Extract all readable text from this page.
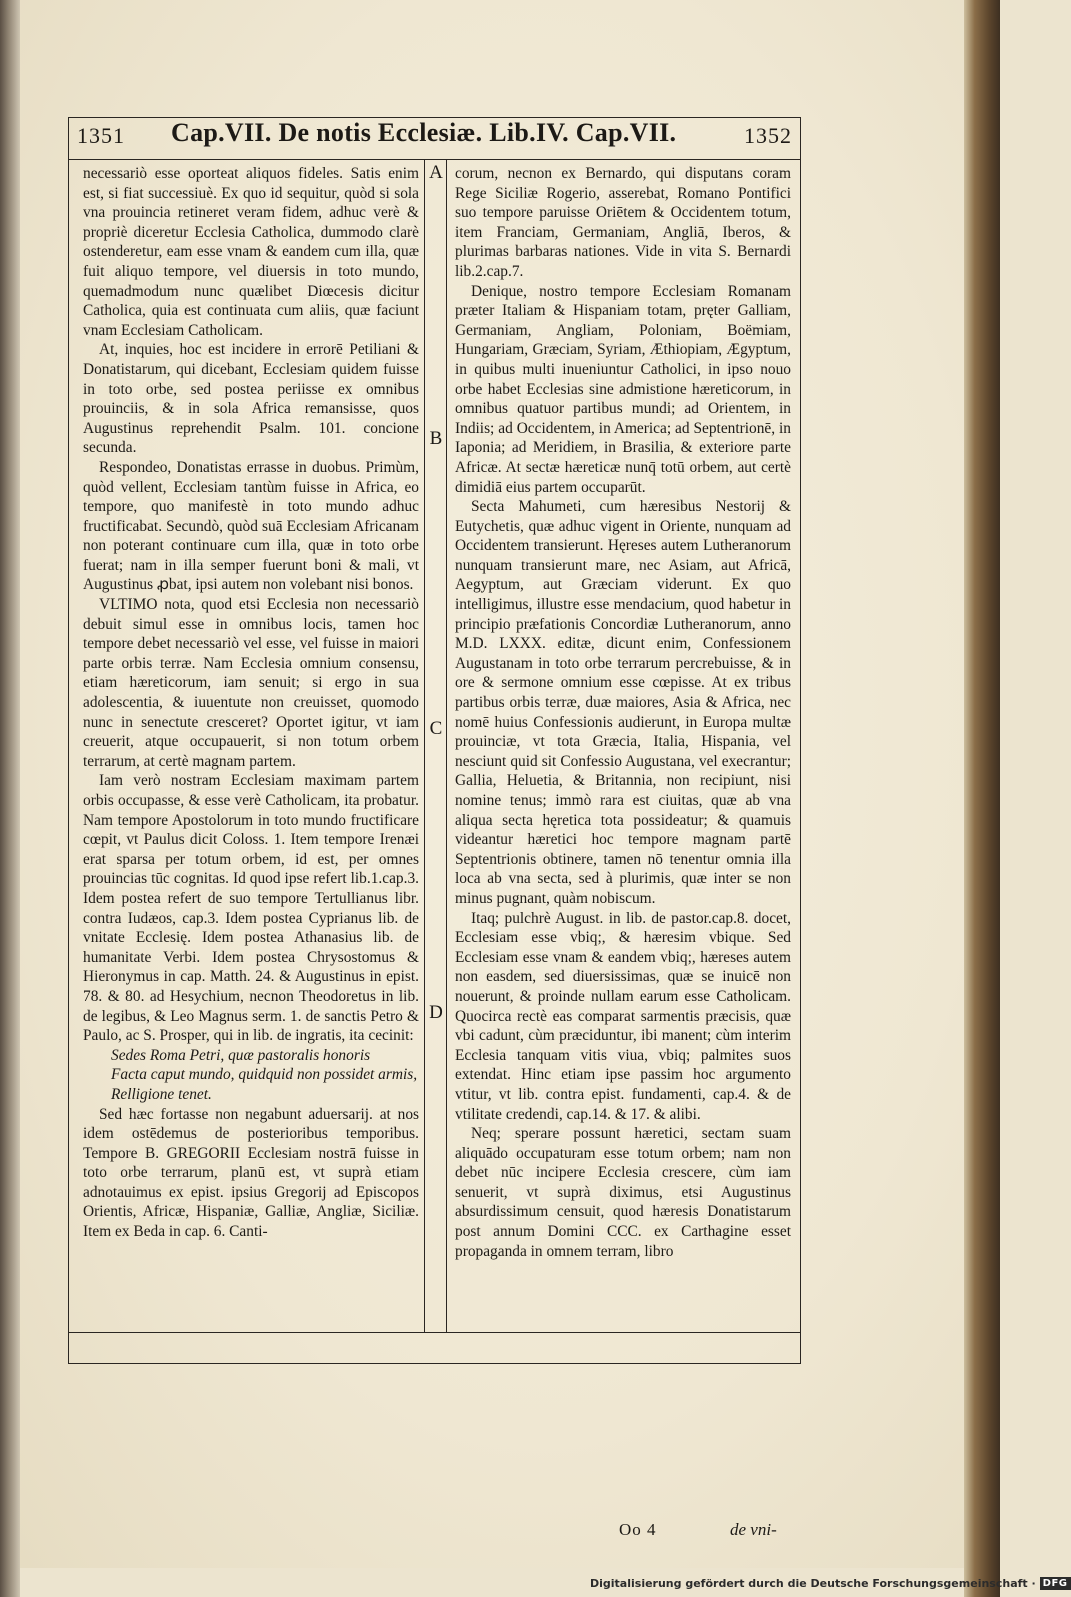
1351 Cap.VII. De notis Ecclesiæ. Lib.IV. Cap.VII.	1352
A
B
C
D

necessariò esse oporteat aliquos fideles. Satis enim est, si fiat successiuè. Ex quo id sequitur, quòd si sola vna prouincia retineret veram fidem, adhuc verè & propriè diceretur Ecclesia Catholica, dummodo clarè ostenderetur, eam esse vnam & eandem cum illa, quæ fuit aliquo tempore, vel diuersis in toto mundo, quemadmodum nunc quælibet Diœcesis dicitur Catholica, quia est continuata cum aliis, quæ faciunt vnam Ecclesiam Catholicam.

At, inquies, hoc est incidere in errorē Petiliani & Donatistarum, qui dicebant, Ecclesiam quidem fuisse in toto orbe, sed postea periisse ex omnibus prouinciis, & in sola Africa remansisse, quos Augustinus reprehendit Psalm. 101. concione secunda.

Respondeo, Donatistas errasse in duobus. Primùm, quòd vellent, Ecclesiam tantùm fuisse in Africa, eo tempore, quo manifestè in toto mundo adhuc fructificabat. Secundò, quòd suā Ecclesiam Africanam non poterant continuare cum illa, quæ in toto orbe fuerat; nam in illa semper fuerunt boni & mali, vt Augustinus ꝓbat, ipsi autem non volebant nisi bonos.

VLTIMO nota, quod etsi Ecclesia non necessariò debuit simul esse in omnibus locis, tamen hoc tempore debet necessariò vel esse, vel fuisse in maiori parte orbis terræ. Nam Ecclesia omnium consensu, etiam hæreticorum, iam senuit; si ergo in sua adolescentia, & iuuentute non creuisset, quomodo nunc in senectute cresceret? Oportet igitur, vt iam creuerit, atque occupauerit, si non totum orbem terrarum, at certè magnam partem.

Iam verò nostram Ecclesiam maximam partem orbis occupasse, & esse verè Catholicam, ita probatur. Nam tempore Apostolorum in toto mundo fructificare cœpit, vt Paulus dicit Coloss. 1. Item tempore Irenæi erat sparsa per totum orbem, id est, per omnes prouincias tūc cognitas. Id quod ipse refert lib.1.cap.3. Idem postea refert de suo tempore Tertullianus libr. contra Iudæos, cap.3. Idem postea Cyprianus lib. de vnitate Ecclesię. Idem postea Athanasius lib. de humanitate Verbi. Idem postea Chrysostomus & Hieronymus in cap. Matth. 24. & Augustinus in epist. 78. & 80. ad Hesychium, necnon Theodoretus in lib. de legibus, & Leo Magnus serm. 1. de sanctis Petro & Paulo, ac S. Prosper, qui in lib. de ingratis, ita cecinit:

Sedes Roma Petri, quæ pastoralis honoris

Facta caput mundo, quidquid non possidet armis,

Relligione tenet.

Sed hæc fortasse non negabunt aduersarij. at nos idem ostēdemus de posterioribus temporibus. Tempore B. GREGORII Ecclesiam nostrā fuisse in toto orbe terrarum, planū est, vt suprà etiam adnotauimus ex epist. ipsius Gregorij ad Episcopos Orientis, Africæ, Hispaniæ, Galliæ, Angliæ, Siciliæ. Item ex Beda in cap. 6. Canti-

corum, necnon ex Bernardo, qui disputans coram Rege Siciliæ Rogerio, asserebat, Romano Pontifici suo tempore paruisse Oriētem & Occidentem totum, item Franciam, Germaniam, Angliā, Iberos, & plurimas barbaras nationes. Vide in vita S. Bernardi lib.2.cap.7.

Denique, nostro tempore Ecclesiam Romanam præter Italiam & Hispaniam totam, pręter Galliam, Germaniam, Angliam, Poloniam, Boëmiam, Hungariam, Græciam, Syriam, Æthiopiam, Ægyptum, in quibus multi inueniuntur Catholici, in ipso nouo orbe habet Ecclesias sine admistione hæreticorum, in omnibus quatuor partibus mundi; ad Orientem, in Indiis; ad Occidentem, in America; ad Septentrionē, in Iaponia; ad Meridiem, in Brasilia, & exteriore parte Africæ. At sectæ hæreticæ nunq̄ totū orbem, aut certè dimidiā eius partem occuparūt.

Secta Mahumeti, cum hæresibus Nestorij & Eutychetis, quæ adhuc vigent in Oriente, nunquam ad Occidentem transierunt. Hęreses autem Lutheranorum nunquam transierunt mare, nec Asiam, aut Africā, Aegyptum, aut Græciam viderunt. Ex quo intelligimus, illustre esse mendacium, quod habetur in principio præfationis Concordiæ Lutheranorum, anno M.D. LXXX. editæ, dicunt enim, Confessionem Augustanam in toto orbe terrarum percrebuisse, & in ore & sermone omnium esse cœpisse. At ex tribus partibus orbis terræ, duæ maiores, Asia & Africa, nec nomē huius Confessionis audierunt, in Europa multæ prouinciæ, vt tota Græcia, Italia, Hispania, vel nesciunt quid sit Confessio Augustana, vel execrantur; Gallia, Heluetia, & Britannia, non recipiunt, nisi nomine tenus; immò rara est ciuitas, quæ ab vna aliqua secta hęretica tota possideatur; & quamuis videantur hæretici hoc tempore magnam partē Septentrionis obtinere, tamen nō tenentur omnia illa loca ab vna secta, sed à plurimis, quæ inter se non minus pugnant, quàm nobiscum.

Itaq; pulchrè August. in lib. de pastor.cap.8. docet, Ecclesiam esse vbiq;, & hæresim vbique. Sed Ecclesiam esse vnam & eandem vbiq;, hæreses autem non easdem, sed diuersissimas, quæ se inuicē non nouerunt, & proinde nullam earum esse Catholicam. Quocirca rectè eas comparat sarmentis præcisis, quæ vbi cadunt, cùm præciduntur, ibi manent; cùm interim Ecclesia tanquam vitis viua, vbiq; palmites suos extendat. Hinc etiam ipse passim hoc argumento vtitur, vt lib. contra epist. fundamenti, cap.4. & de vtilitate credendi, cap.14. & 17. & alibi.

Neq; sperare possunt hæretici, sectam suam aliquādo occupaturam esse totum orbem; nam non debet nūc incipere Ecclesia crescere, cùm iam senuerit, vt suprà diximus, etsi Augustinus absurdissimum censuit, quod hæresis Donatistarum post annum Domini CCC. ex Carthagine esset propaganda in omnem terram, libro

Oo 4	de vni-
Digitalisierung gefördert durch die Deutsche Forschungsgemeinschaft · DFG
